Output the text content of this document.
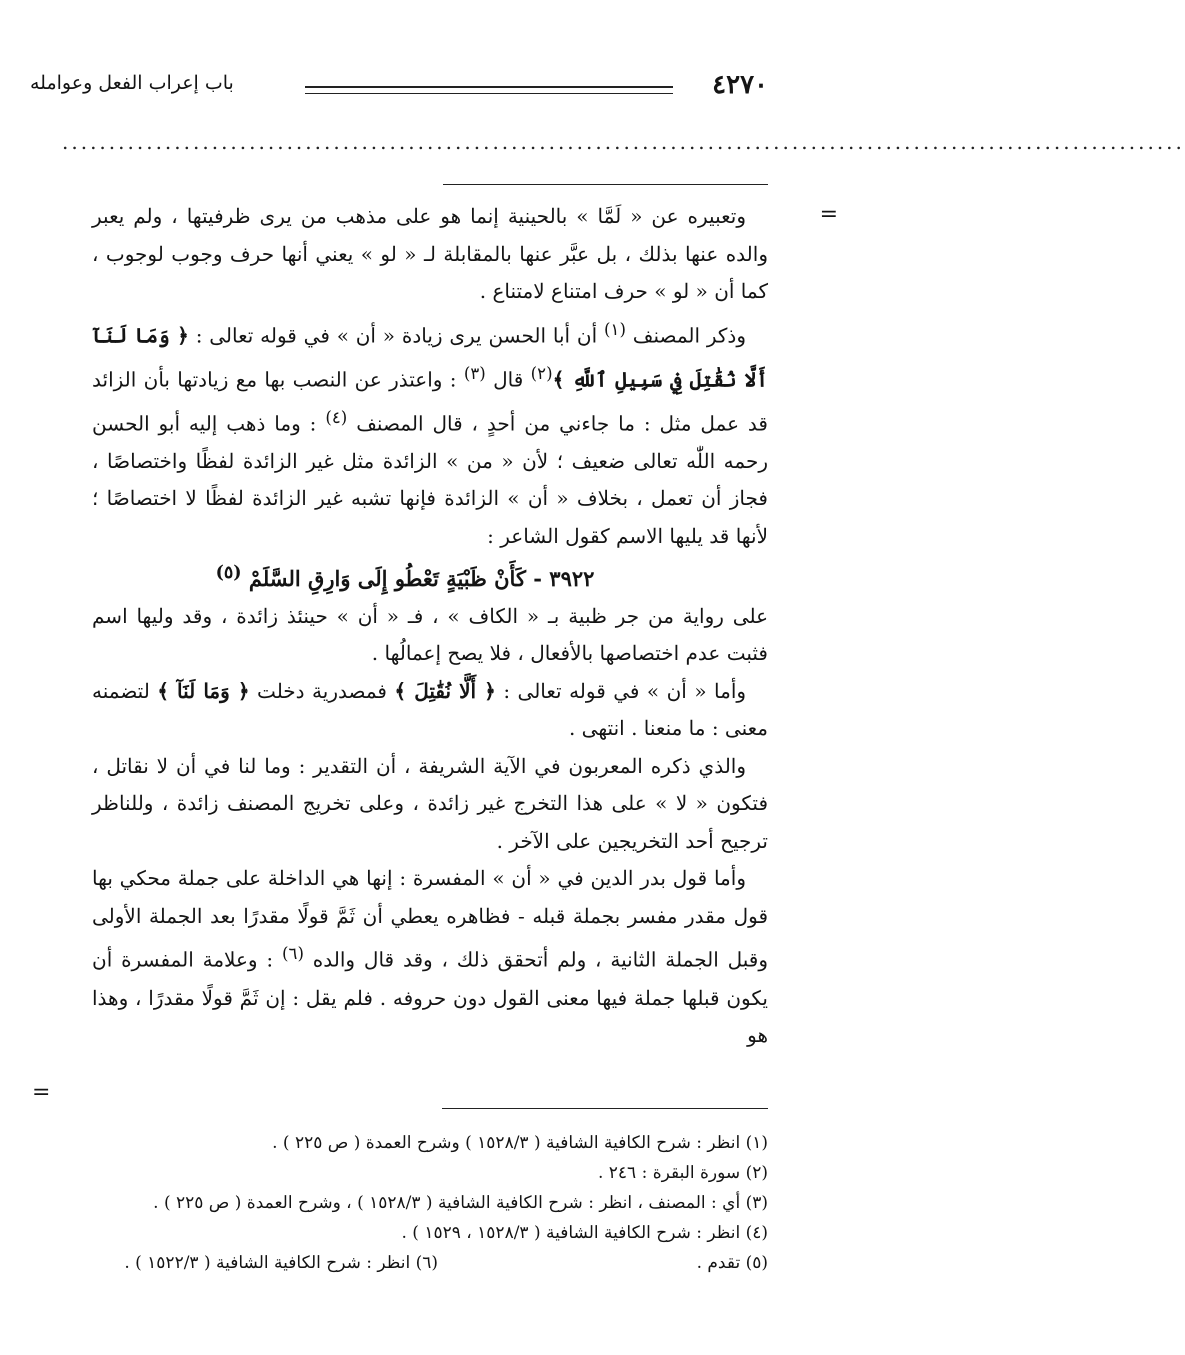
٤٢٧٠
باب إعراب الفعل وعوامله
........................................................................................................................
=

وتعبيره عن « لَمَّا » بالحينية إنما هو على مذهب من يرى ظرفيتها ، ولم يعبر والده عنها بذلك ، بل عبَّر عنها بالمقابلة لـ « لو » يعني أنها حرف وجوب لوجوب ، كما أن « لو » حرف امتناع لامتناع .

وذكر المصنف $^{(١)}$ أن أبا الحسن يرى زيادة « أن » في قوله تعالى : ﴿ وَمَا لَنَآ أَلَّا نُقَٰتِلَ فِي سَبِيلِ ٱللَّهِ ﴾$^{(٢)}$ قال $^{(٣)}$ : واعتذر عن النصب بها مع زيادتها بأن الزائد قد عمل مثل : ما جاءني من أحدٍ ، قال المصنف $^{(٤)}$ : وما ذهب إليه أبو الحسن رحمه اللّٰه تعالى ضعيف ؛ لأن « من » الزائدة مثل غير الزائدة لفظًا واختصاصًا ، فجاز أن تعمل ، بخلاف « أن » الزائدة فإنها تشبه غير الزائدة لفظًا لا اختصاصًا ؛ لأنها قد يليها الاسم كقول الشاعر :

٣٩٢٢ - كَأَنْ ظَبْيَةٍ تَعْطُو إِلَى وَارِقِ السَّلَمْ $^{(٥)}$

على رواية من جر ظبية بـ « الكاف » ، فـ « أن » حينئذ زائدة ، وقد وليها اسم فثبت عدم اختصاصها بالأفعال ، فلا يصح إعمالُها .

وأما « أن » في قوله تعالى : ﴿ أَلَّا نُقَٰتِلَ ﴾ فمصدرية دخلت ﴿ وَمَا لَنَآ ﴾ لتضمنه معنى : ما منعنا . انتهى .

والذي ذكره المعربون في الآية الشريفة ، أن التقدير : وما لنا في أن لا نقاتل ، فتكون « لا » على هذا التخرج غير زائدة ، وعلى تخريج المصنف زائدة ، وللناظر ترجيح أحد التخريجين على الآخر .

وأما قول بدر الدين في « أن » المفسرة : إنها هي الداخلة على جملة محكي بها قول مقدر مفسر بجملة قبله - فظاهره يعطي أن ثَمَّ قولًا مقدرًا بعد الجملة الأولى وقبل الجملة الثانية ، ولم أتحقق ذلك ، وقد قال والده $^{(٦)}$ : وعلامة المفسرة أن يكون قبلها جملة فيها معنى القول دون حروفه . فلم يقل : إن ثَمَّ قولًا مقدرًا ، وهذا هو

=
(١) انظر : شرح الكافية الشافية ( ١٥٢٨/٣ ) وشرح العمدة ( ص ٢٢٥ ) .
(٢) سورة البقرة : ٢٤٦ .
(٣) أي : المصنف ، انظر : شرح الكافية الشافية ( ١٥٢٨/٣ ) ، وشرح العمدة ( ص ٢٢٥ ) .
(٤) انظر : شرح الكافية الشافية ( ١٥٢٨/٣ ، ١٥٢٩ ) .
(٥) تقدم .
(٦) انظر : شرح الكافية الشافية ( ١٥٢٢/٣ ) .
